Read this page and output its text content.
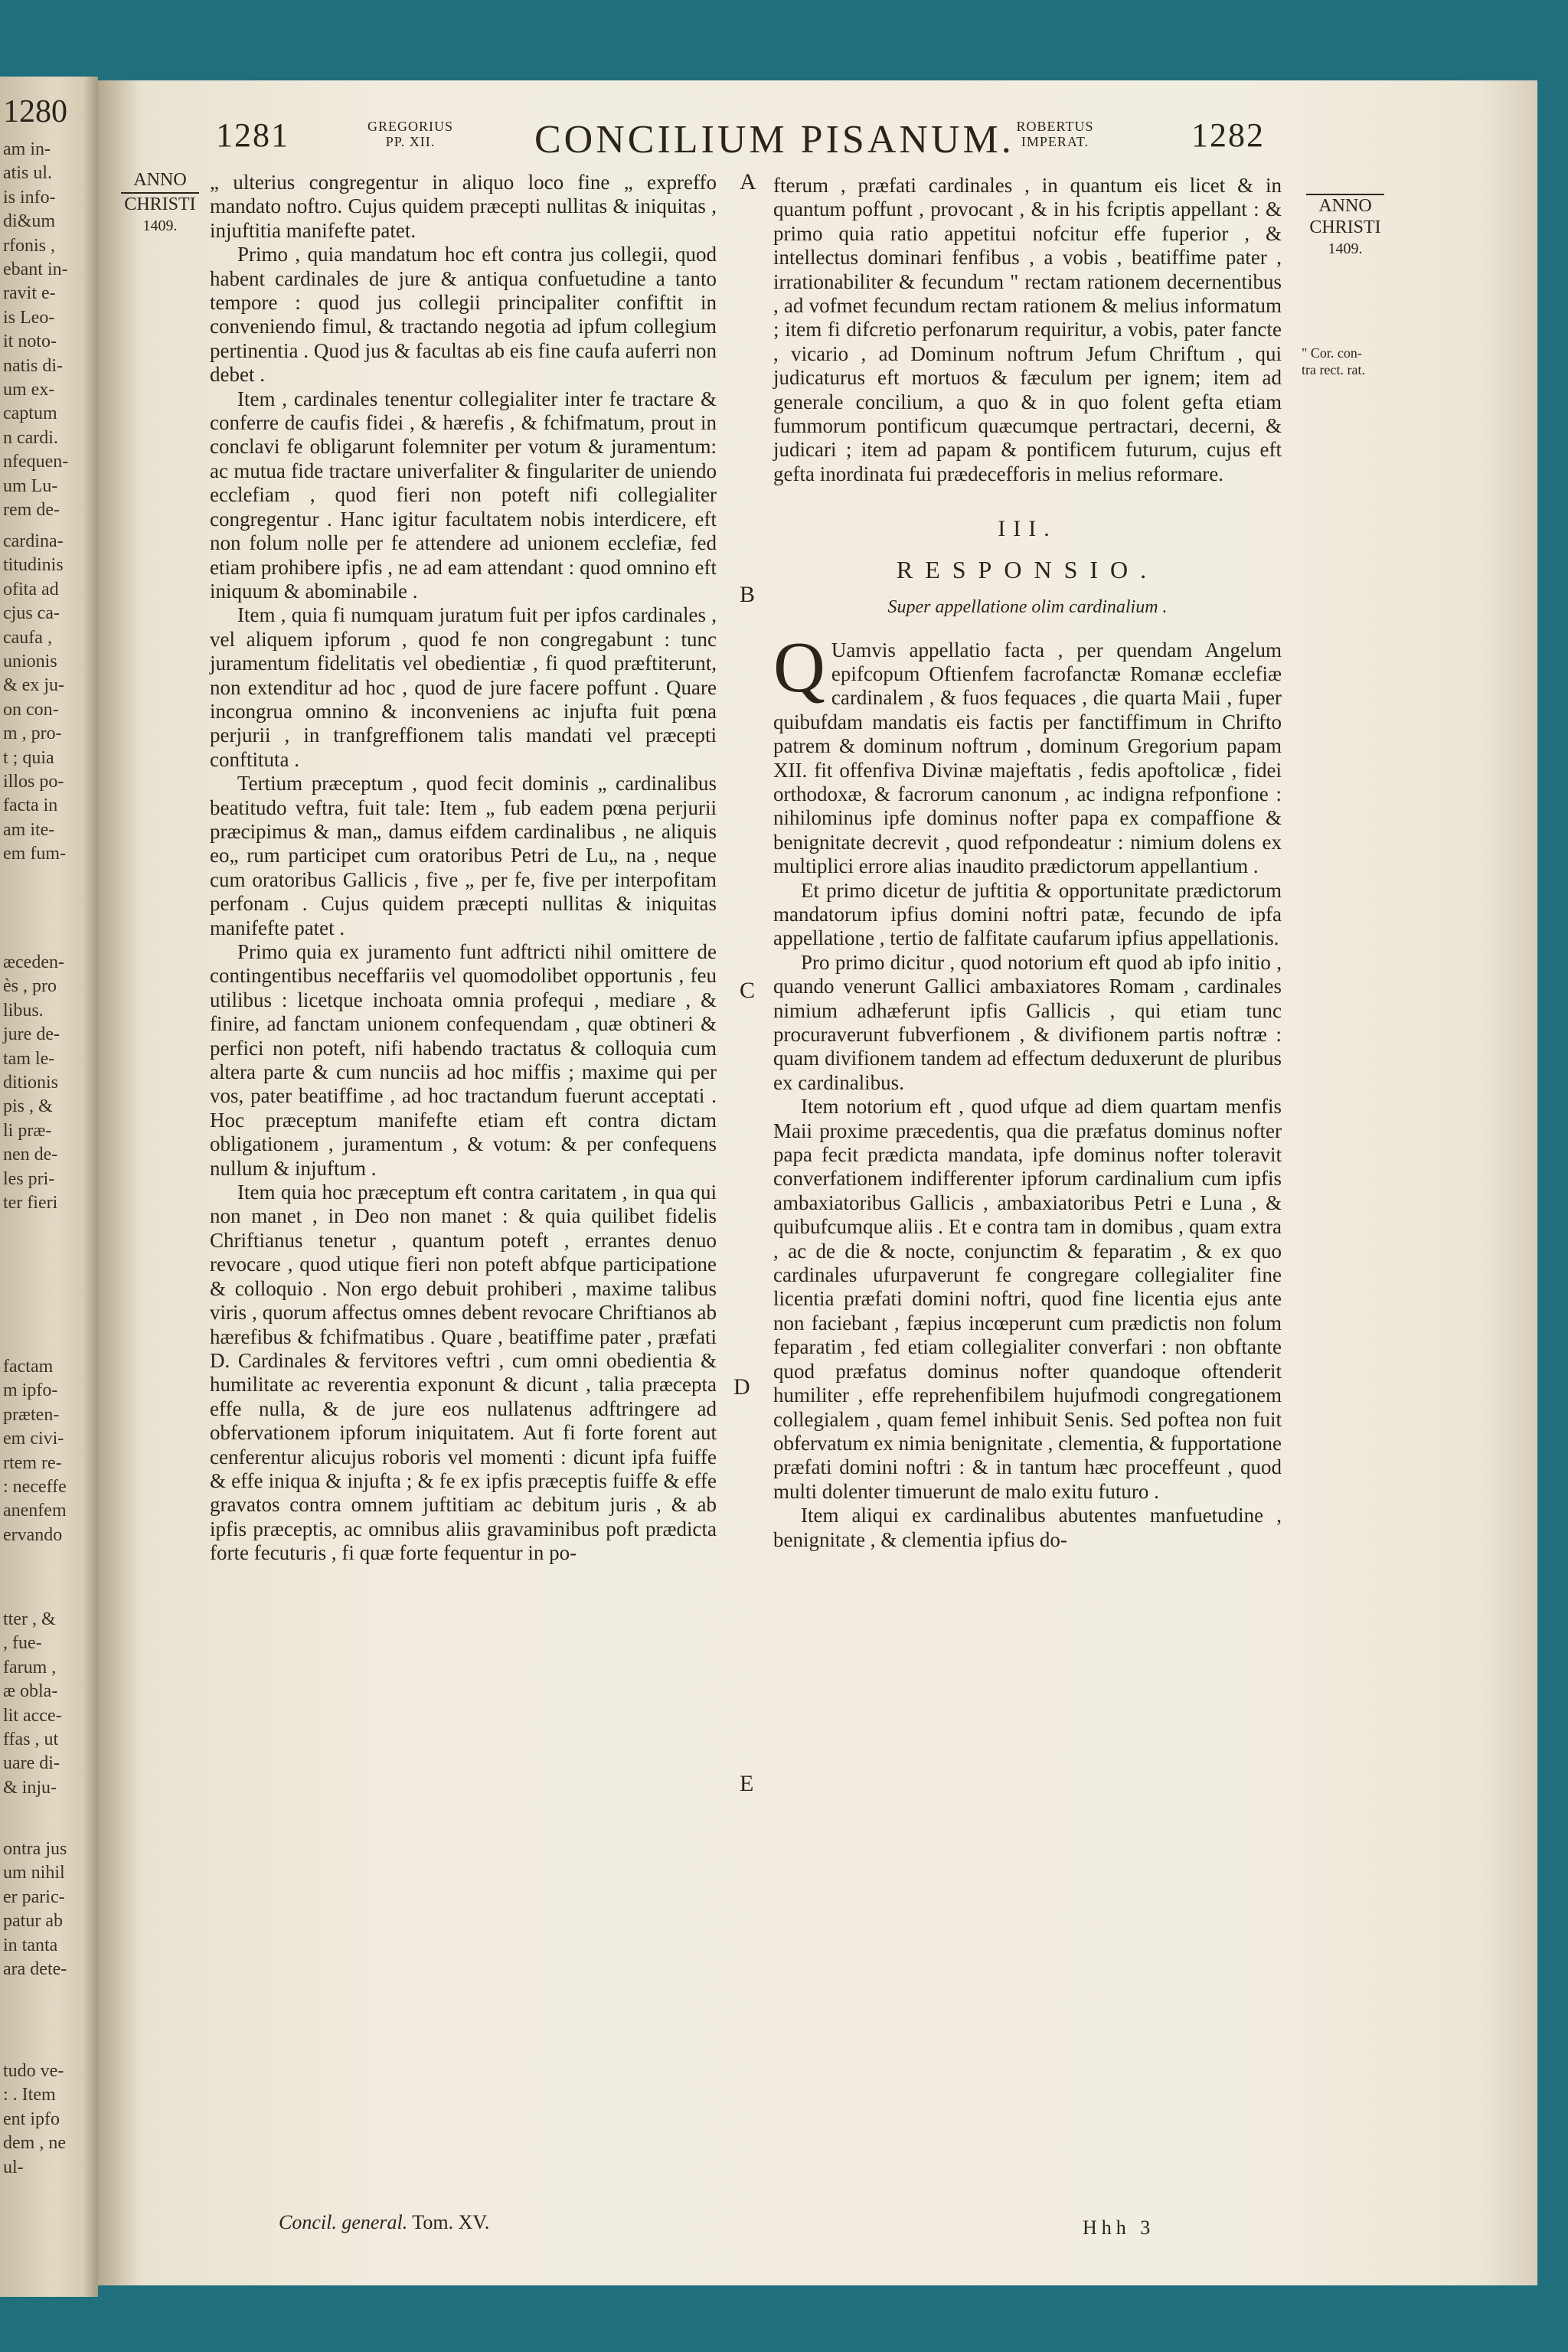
1280
am in-
atis ul.
is info-
di&um
rfonis ,
ebant in-
ravit e-
is Leo-
it noto-
natis di-
um ex-
captum
n cardi.
nfequen-
um Lu-
rem de-
cardina-
titudinis
ofita ad
cjus ca-
caufa ,
unionis
& ex ju-
on con-
m , pro-
t ; quia
illos po-
facta in
am ite-
em fum-
æceden-
ès , pro
libus.
jure de-
tam le-
ditionis
pis , &
li præ-
nen de-
les pri-
ter fieri
factam
m ipfo-
præten-
em civi-
rtem re-
: neceffe
anenfem
ervando
tter , &
, fue-
farum ,
æ obla-
lit acce-
ffas , ut
uare di-
& inju-
ontra jus
um nihil
er paric-
patur ab
in tanta
ara dete-
tudo ve-
: . Item
ent ipfo
dem , ne
ul-
1281	GREGORIUS
PP. XII.	CONCILIUM PISANUM. ROBERTUS
IMPERAT.	1282
ANNO
CHRISTI
1409.
ANNO
CHRISTI
1409.
" Cor. con-
tra rect. rat.
A
B
C
D
E

„ ulterius congregentur in aliquo loco fine „ expreffo mandato noftro. Cujus quidem præcepti nullitas & iniquitas , injuftitia manifefte patet.

Primo , quia mandatum hoc eft contra jus collegii, quod habent cardinales de jure & antiqua confuetudine a tanto tempore : quod jus collegii principaliter confiftit in conveniendo fimul, & tractando negotia ad ipfum collegium pertinentia . Quod jus & facultas ab eis fine caufa auferri non debet .

Item , cardinales tenentur collegialiter inter fe tractare & conferre de caufis fidei , & hærefis , & fchifmatum, prout in conclavi fe obligarunt folemniter per votum & juramentum: ac mutua fide tractare univerfaliter & fingulariter de uniendo ecclefiam , quod fieri non poteft nifi collegialiter congregentur . Hanc igitur facultatem nobis interdicere, eft non folum nolle per fe attendere ad unionem ecclefiæ, fed etiam prohibere ipfis , ne ad eam attendant : quod omnino eft iniquum & abominabile .

Item , quia fi numquam juratum fuit per ipfos cardinales , vel aliquem ipforum , quod fe non congregabunt : tunc juramentum fidelitatis vel obedientiæ , fi quod præftiterunt, non extenditur ad hoc , quod de jure facere poffunt . Quare incongrua omnino & inconveniens ac injufta fuit pœna perjurii , in tranfgreffionem talis mandati vel præcepti conftituta .

Tertium præceptum , quod fecit dominis „ cardinalibus beatitudo veftra, fuit tale: Item „ fub eadem pœna perjurii præcipimus & man„ damus eifdem cardinalibus , ne aliquis eo„ rum participet cum oratoribus Petri de Lu„ na , neque cum oratoribus Gallicis , five „ per fe, five per interpofitam perfonam . Cujus quidem præcepti nullitas & iniquitas manifefte patet .

Primo quia ex juramento funt adftricti nihil omittere de contingentibus neceffariis vel quomodolibet opportunis , feu utilibus : licetque inchoata omnia profequi , mediare , & finire, ad fanctam unionem confequendam , quæ obtineri & perfici non poteft, nifi habendo tractatus & colloquia cum altera parte & cum nunciis ad hoc miffis ; maxime qui per vos, pater beatiffime , ad hoc tractandum fuerunt acceptati . Hoc præceptum manifefte etiam eft contra dictam obligationem , juramentum , & votum: & per confequens nullum & injuftum .

Item quia hoc præceptum eft contra caritatem , in qua qui non manet , in Deo non manet : & quia quilibet fidelis Chriftianus tenetur , quantum poteft , errantes denuo revocare , quod utique fieri non poteft abfque participatione & colloquio . Non ergo debuit prohiberi , maxime talibus viris , quorum affectus omnes debent revocare Chriftianos ab hærefibus & fchifmatibus . Quare , beatiffime pater , præfati D. Cardinales & fervitores veftri , cum omni obedientia & humilitate ac reverentia exponunt & dicunt , talia præcepta effe nulla, & de jure eos nullatenus adftringere ad obfervationem ipforum iniquitatem. Aut fi forte forent aut cenferentur alicujus roboris vel momenti : dicunt ipfa fuiffe & effe iniqua & injufta ; & fe ex ipfis præceptis fuiffe & effe gravatos contra omnem juftitiam ac debitum juris , & ab ipfis præceptis, ac omnibus aliis gravaminibus poft prædicta forte fecuturis , fi quæ forte fequentur in po-

fterum , præfati cardinales , in quantum eis licet & in quantum poffunt , provocant , & in his fcriptis appellant : & primo quia ratio appetitui nofcitur effe fuperior , & intellectus dominari fenfibus , a vobis , beatiffime pater , irrationabiliter & fecundum " rectam rationem decernentibus , ad vofmet fecundum rectam rationem & melius informatum ; item fi difcretio perfonarum requiritur, a vobis, pater fancte , vicario , ad Dominum noftrum Jefum Chriftum , qui judicaturus eft mortuos & fæculum per ignem; item ad generale concilium, a quo & in quo folent gefta etiam fummorum pontificum quæcumque pertractari, decerni, & judicari ; item ad papam & pontificem futurum, cujus eft gefta inordinata fui prædecefforis in melius reformare.

III.
RESPONSIO.
Super appellatione olim cardinalium .

Q Uamvis appellatio facta , per quendam Angelum epifcopum Oftienfem facrofanctæ Romanæ ecclefiæ cardinalem , & fuos fequaces , die quarta Maii , fuper quibufdam mandatis eis factis per fanctiffimum in Chrifto patrem & dominum noftrum , dominum Gregorium papam XII. fit offenfiva Divinæ majeftatis , fedis apoftolicæ , fidei orthodoxæ, & facrorum canonum , ac indigna refponfione : nihilominus ipfe dominus nofter papa ex compaffione & benignitate decrevit , quod refpondeatur : nimium dolens ex multiplici errore alias inaudito prædictorum appellantium .

Et primo dicetur de juftitia & opportunitate prædictorum mandatorum ipfius domini noftri patæ, fecundo de ipfa appellatione , tertio de falfitate caufarum ipfius appellationis.

Pro primo dicitur , quod notorium eft quod ab ipfo initio , quando venerunt Gallici ambaxiatores Romam , cardinales nimium adhæferunt ipfis Gallicis , qui etiam tunc procuraverunt fubverfionem , & divifionem partis noftræ : quam divifionem tandem ad effectum deduxerunt de pluribus ex cardinalibus.

Item notorium eft , quod ufque ad diem quartam menfis Maii proxime præcedentis, qua die præfatus dominus nofter papa fecit prædicta mandata, ipfe dominus nofter toleravit converfationem indifferenter ipforum cardinalium cum ipfis ambaxiatoribus Gallicis , ambaxiatoribus Petri e Luna , & quibufcumque aliis . Et e contra tam in domibus , quam extra , ac de die & nocte, conjunctim & feparatim , & ex quo cardinales ufurpaverunt fe congregare collegialiter fine licentia præfati domini noftri, quod fine licentia ejus ante non faciebant , fæpius incœperunt cum prædictis non folum feparatim , fed etiam collegialiter converfari : non obftante quod præfatus dominus nofter quandoque oftenderit humiliter , effe reprehenfibilem hujufmodi congregationem collegialem , quam femel inhibuit Senis. Sed poftea non fuit obfervatum ex nimia benignitate , clementia, & fupportatione præfati domini noftri : & in tantum hæc proceffeunt , quod multi dolenter timuerunt de malo exitu futuro .

Item aliqui ex cardinalibus abutentes manfuetudine , benignitate , & clementia ipfius do-

Concil. general. Tom. XV.	Hhh 3
